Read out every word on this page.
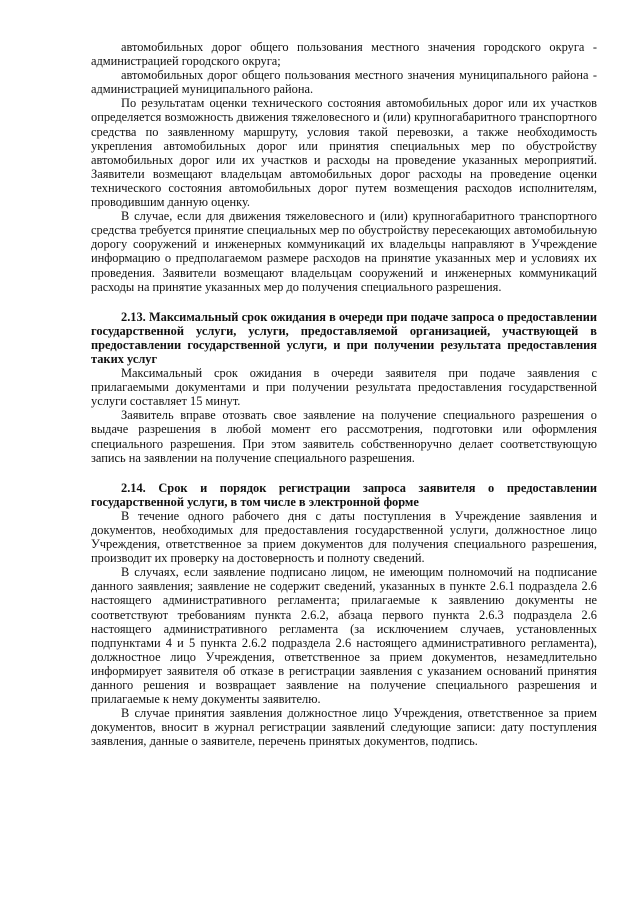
автомобильных дорог общего пользования местного значения городского округа - администрацией городского округа;

автомобильных дорог общего пользования местного значения муниципального района - администрацией муниципального района.

По результатам оценки технического состояния автомобильных дорог или их участков определяется возможность движения тяжеловесного и (или) крупногабаритного транспортного средства по заявленному маршруту, условия такой перевозки, а также необходимость укрепления автомобильных дорог или принятия специальных мер по обустройству автомобильных дорог или их участков и расходы на проведение указанных мероприятий. Заявители возмещают владельцам автомобильных дорог расходы на проведение оценки технического состояния автомобильных дорог путем возмещения расходов исполнителям, проводившим данную оценку.

В случае, если для движения тяжеловесного и (или) крупногабаритного транспортного средства требуется принятие специальных мер по обустройству пересекающих автомобильную дорогу сооружений и инженерных коммуникаций их владельцы направляют в Учреждение информацию о предполагаемом размере расходов на принятие указанных мер и условиях их проведения. Заявители возмещают владельцам сооружений и инженерных коммуникаций расходы на принятие указанных мер до получения специального разрешения.

2.13. Максимальный срок ожидания в очереди при подаче запроса о предоставлении государственной услуги, услуги, предоставляемой организацией, участвующей в предоставлении государственной услуги, и при получении результата предоставления таких услуг

Максимальный срок ожидания в очереди заявителя при подаче заявления с прилагаемыми документами и при получении результата предоставления государственной услуги составляет 15 минут.

Заявитель вправе отозвать свое заявление на получение специального разрешения о выдаче разрешения в любой момент его рассмотрения, подготовки или оформления специального разрешения. При этом заявитель собственноручно делает соответствующую запись на заявлении на получение специального разрешения.

2.14. Срок и порядок регистрации запроса заявителя о предоставлении государственной услуги, в том числе в электронной форме

В течение одного рабочего дня с даты поступления в Учреждение заявления и документов, необходимых для предоставления государственной услуги, должностное лицо Учреждения, ответственное за прием документов для получения специального разрешения, производит их проверку на достоверность и полноту сведений.

В случаях, если заявление подписано лицом, не имеющим полномочий на подписание данного заявления; заявление не содержит сведений, указанных в пункте 2.6.1 подраздела 2.6 настоящего административного регламента; прилагаемые к заявлению документы не соответствуют требованиям пункта 2.6.2, абзаца первого пункта 2.6.3 подраздела 2.6 настоящего административного регламента (за исключением случаев, установленных подпунктами 4 и 5 пункта 2.6.2 подраздела 2.6 настоящего административного регламента), должностное лицо Учреждения, ответственное за прием документов, незамедлительно информирует заявителя об отказе в регистрации заявления с указанием оснований принятия данного решения и возвращает заявление на получение специального разрешения и прилагаемые к нему документы заявителю.

В случае принятия заявления должностное лицо Учреждения, ответственное за прием документов, вносит в журнал регистрации заявлений следующие записи: дату поступления заявления, данные о заявителе, перечень принятых документов, подпись.
